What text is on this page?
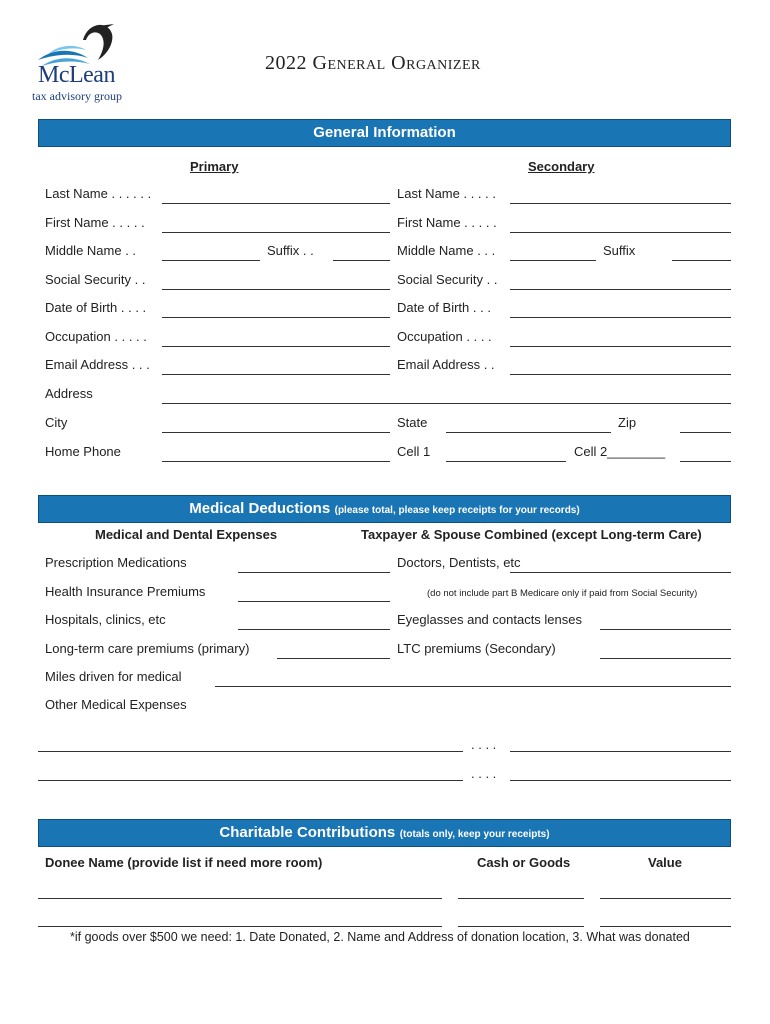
McLean
tax advisory group
2022 General Organizer
General Information
Primary	Secondary
Last Name . . . . . .	Last Name . . . . .
First Name . . . . .	First Name . . . . .
Middle Name . .	Suffix . .	Middle Name . . .	Suffix
Social Security . .	Social Security . .
Date of Birth . . . .	Date of Birth . . .
Occupation . . . . .	Occupation . . . .
Email Address . . .	Email Address . .
Address
City	State	Zip
Home Phone	Cell 1	Cell 2________
Medical Deductions (please total, please keep receipts for your records)
Medical and Dental Expenses	Taxpayer & Spouse Combined (except Long-term Care)
Prescription Medications	Doctors, Dentists, etc
Health Insurance Premiums	(do not include part B Medicare only if paid from Social Security)
Hospitals, clinics, etc	Eyeglasses and contacts lenses
Long-term care premiums (primary)	LTC premiums (Secondary)
Miles driven for medical
Other Medical Expenses
. . . .
. . . .
Charitable Contributions (totals only, keep your receipts)
Donee Name (provide list if need more room)	Cash or Goods	Value
*if goods over $500 we need: 1. Date Donated, 2. Name and Address of donation location, 3. What was donated
